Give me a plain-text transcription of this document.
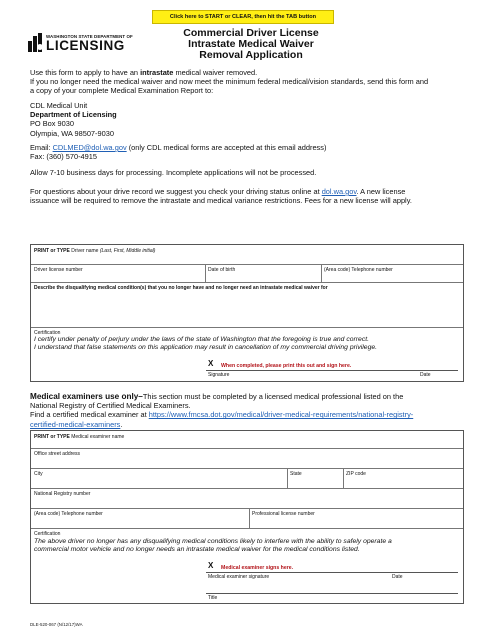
Click here to START or CLEAR, then hit the TAB button
WASHINGTON STATE DEPARTMENT OF
LICENSING
Commercial Driver License
Intrastate Medical Waiver
Removal Application
Use this form to apply to have an intrastate medical waiver removed.
If you no longer need the medical waiver and now meet the minimum federal medical/vision standards, send this form and
a copy of your complete Medical Examination Report to:
CDL Medical Unit
Department of Licensing
PO Box 9030
Olympia, WA 98507-9030
Email: CDLMED@dol.wa.gov (only CDL medical forms are accepted at this email address)
Fax: (360) 570-4915
Allow 7-10 business days for processing. Incomplete applications will not be processed.
For questions about your drive record we suggest you check your driving status online at dol.wa.gov. A new license
issuance will be required to remove the intrastate and medical variance restrictions. Fees for a new license will apply.
PRINT or TYPE Driver name (Last, First, Middle initial)
Driver license number	Date of birth	(Area code) Telephone number
Describe the disqualifying medical condition(s) that you no longer have and no longer need an intrastate medical waiver for
Certification
I certify under penalty of perjury under the laws of the state of Washington that the foregoing is true and correct.
I understand that false statements on this application may result in cancellation of my commercial driving privilege.
X When completed, please print this out and sign here.
Signature	Date
Medical examiners use only–This section must be completed by a licensed medical professional listed on the
National Registry of Certified Medical Examiners.
Find a certified medical examiner at https://www.fmcsa.dot.gov/medical/driver-medical-requirements/national-registry-
certified-medical-examiners.
PRINT or TYPE Medical examiner name
Office street address
City	State	ZIP code
National Registry number
(Area code) Telephone number	Professional license number
Certification
The above driver no longer has any disqualifying medical conditions likely to interfere with the ability to safely operate a
commercial motor vehicle and no longer needs an intrastate medical waiver for the medical conditions listed.
X Medical examiner signs here.
Medical examiner signature	Date
Title
DLE-520-067 (N/12/17)WA
